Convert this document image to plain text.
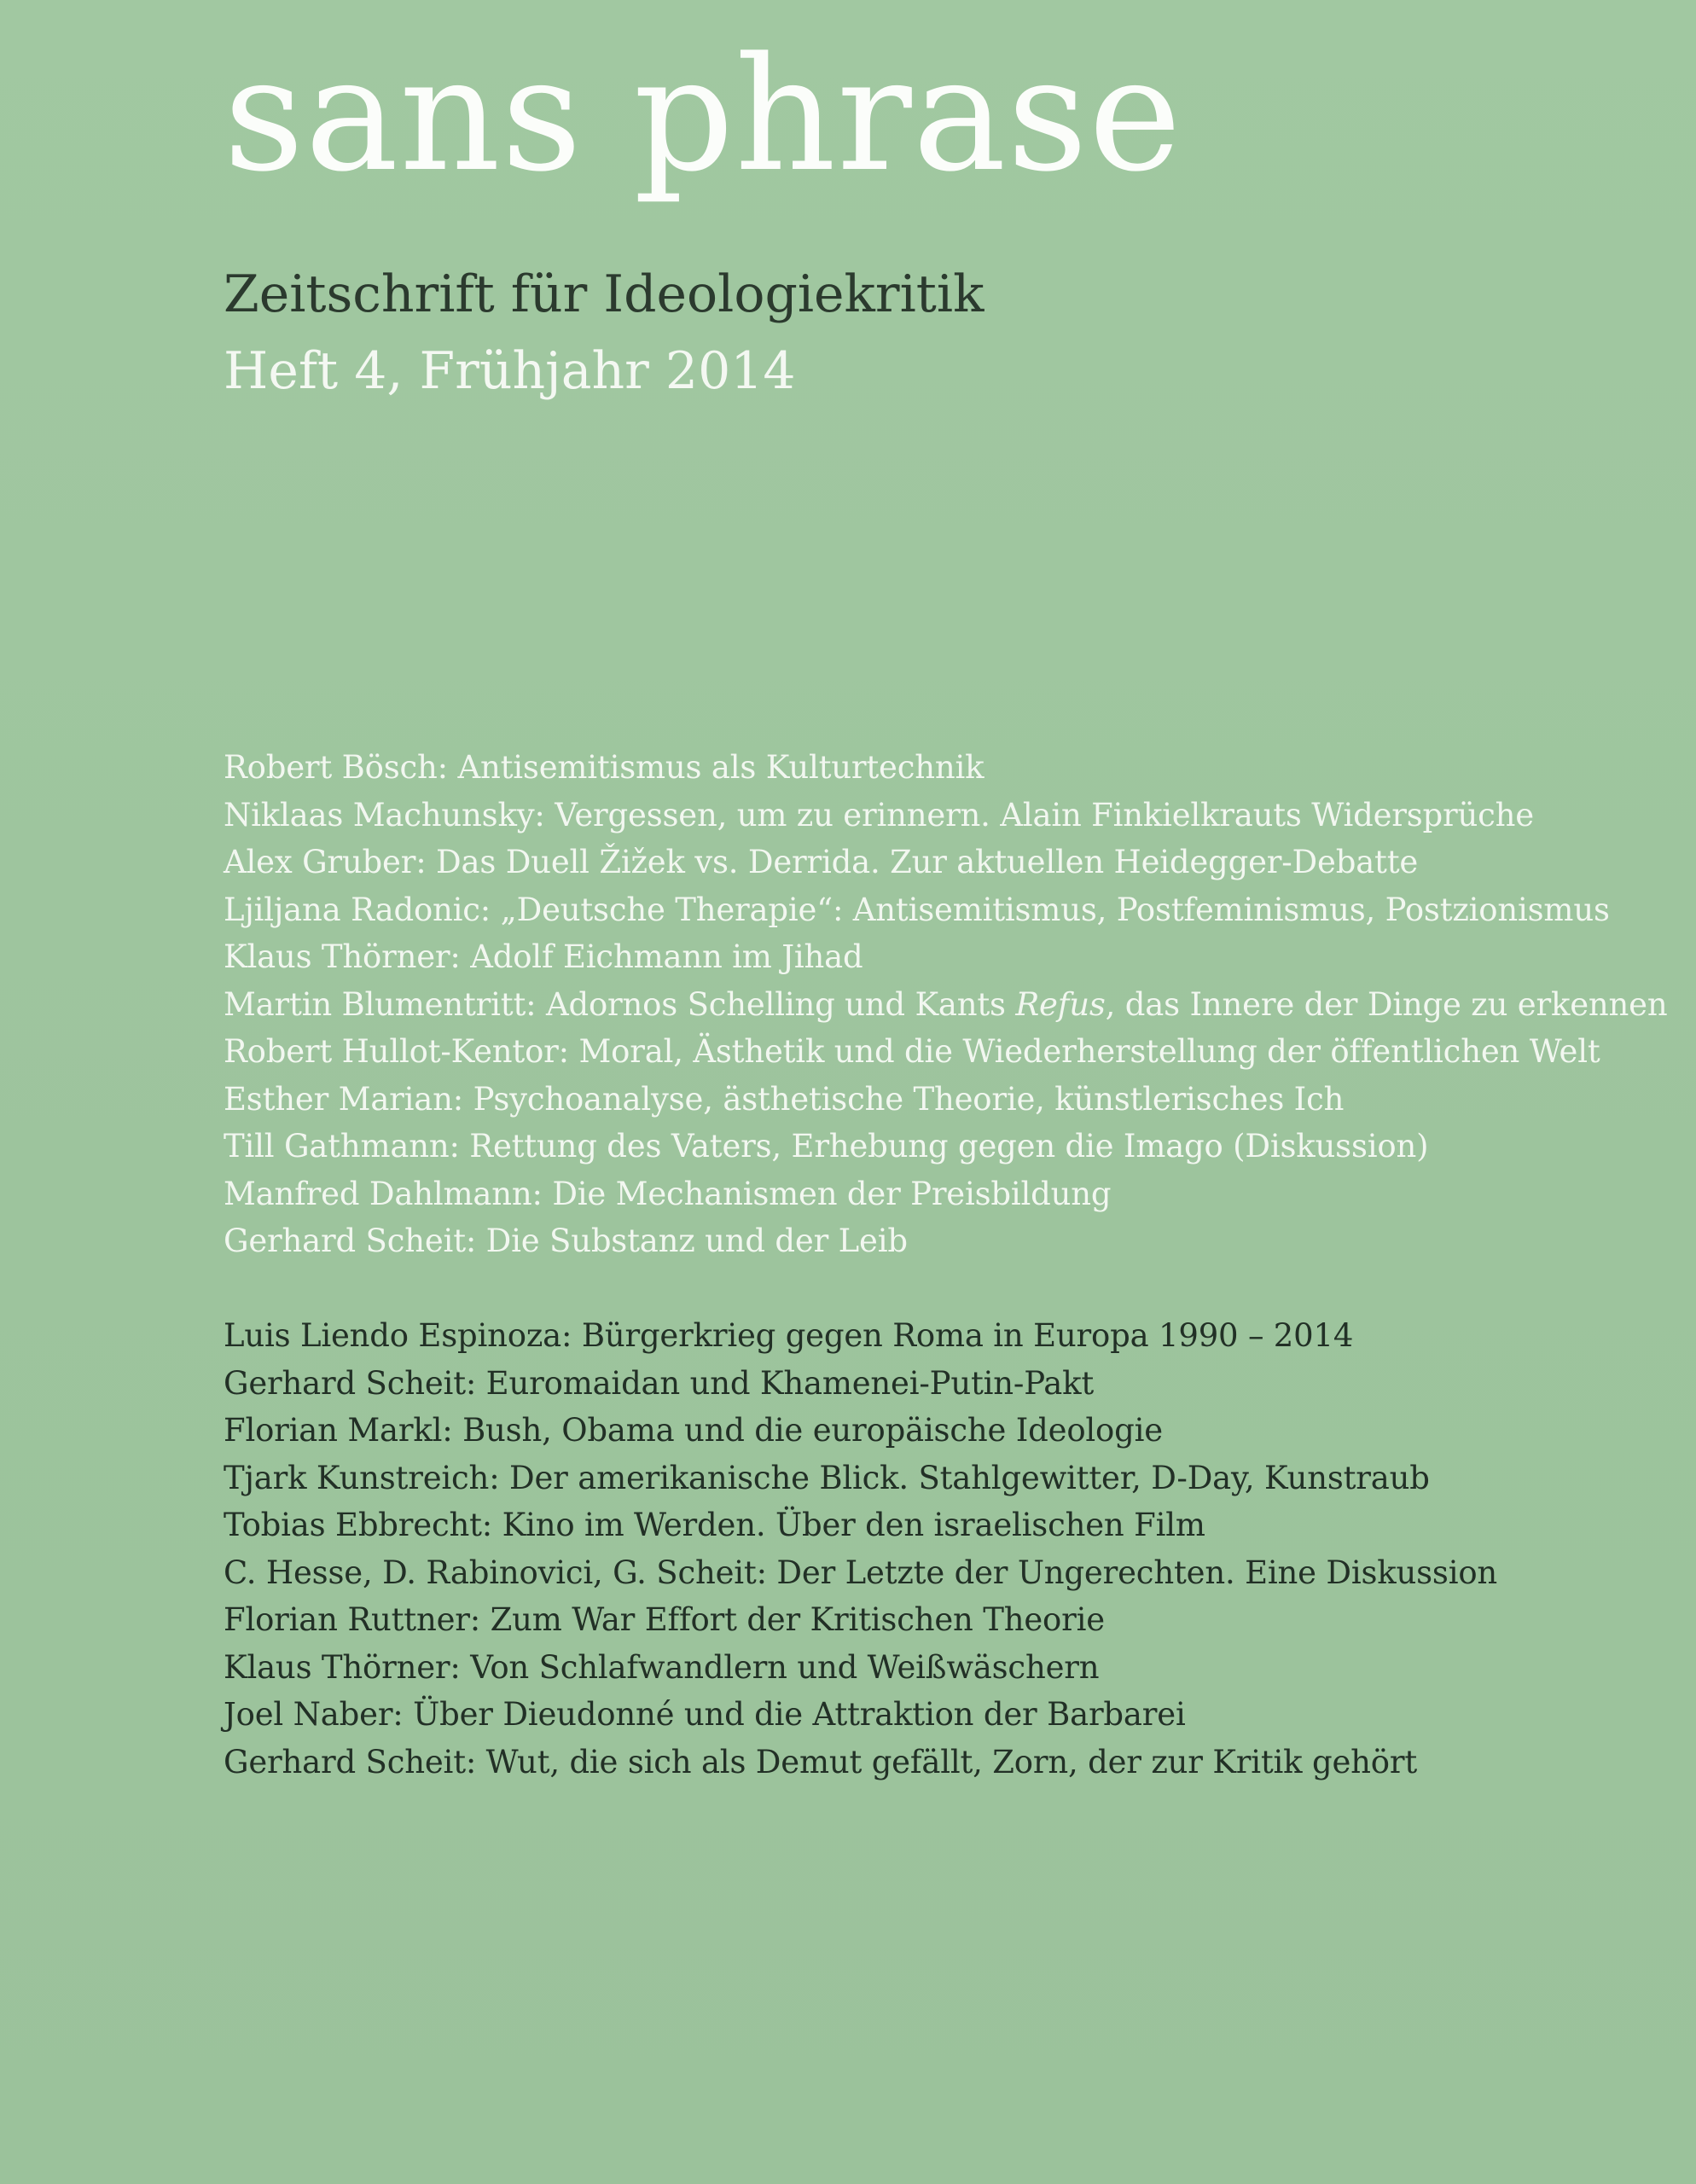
sans phrase
Zeitschrift für Ideologiekritik
Heft 4, Frühjahr 2014
Robert Bösch: Antisemitismus als Kulturtechnik
Niklaas Machunsky: Vergessen, um zu erinnern. Alain Finkielkrauts Widersprüche
Alex Gruber: Das Duell Žižek vs. Derrida. Zur aktuellen Heidegger-Debatte
Ljiljana Radonic: „Deutsche Therapie“: Antisemitismus, Postfeminismus, Postzionismus
Klaus Thörner: Adolf Eichmann im Jihad
Martin Blumentritt: Adornos Schelling und Kants Refus, das Innere der Dinge zu erkennen
Robert Hullot-Kentor: Moral, Ästhetik und die Wiederherstellung der öffentlichen Welt
Esther Marian: Psychoanalyse, ästhetische Theorie, künstlerisches Ich
Till Gathmann: Rettung des Vaters, Erhebung gegen die Imago (Diskussion)
Manfred Dahlmann: Die Mechanismen der Preisbildung
Gerhard Scheit: Die Substanz und der Leib
Luis Liendo Espinoza: Bürgerkrieg gegen Roma in Europa 1990 – 2014
Gerhard Scheit: Euromaidan und Khamenei-Putin-Pakt
Florian Markl: Bush, Obama und die europäische Ideologie
Tjark Kunstreich: Der amerikanische Blick. Stahlgewitter, D-Day, Kunstraub
Tobias Ebbrecht: Kino im Werden. Über den israelischen Film
C. Hesse, D. Rabinovici, G. Scheit: Der Letzte der Ungerechten. Eine Diskussion
Florian Ruttner: Zum War Effort der Kritischen Theorie
Klaus Thörner: Von Schlafwandlern und Weißwäschern
Joel Naber: Über Dieudonné und die Attraktion der Barbarei
Gerhard Scheit: Wut, die sich als Demut gefällt, Zorn, der zur Kritik gehört
